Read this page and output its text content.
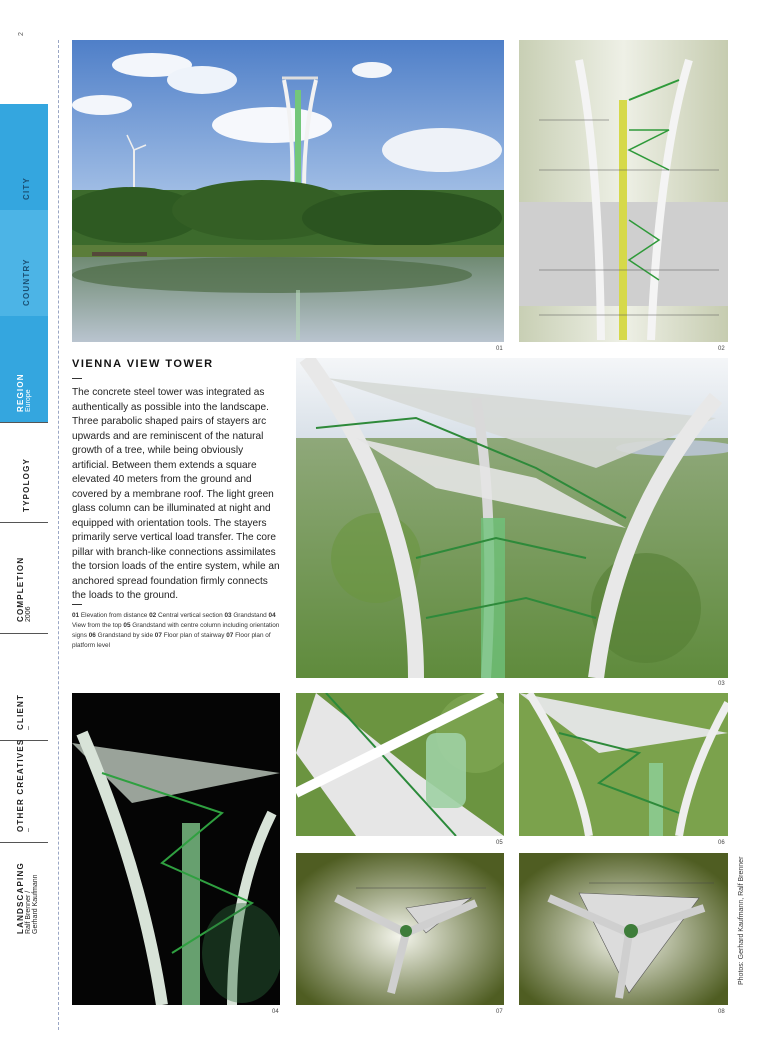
2
CITY
COUNTRY
REGION Europe
TYPOLOGY
COMPLETION 2006
CLIENT –
OTHER CREATIVES –
LANDSCAPING Ralf Brenner / Gerhard Kaufmann
01	02
VIENNA VIEW TOWER
The concrete steel tower was integrated as authentically as possible into the landscape. Three parabolic shaped pairs of stayers arc upwards and are reminiscent of the natural growth of a tree, while being obviously artificial. Between them extends a square elevated 40 meters from the ground and covered by a membrane roof. The light green glass column can be illuminated at night and equipped with orientation tools. The stayers primarily serve vertical load transfer. The core pillar with branch-like connections assimilates the torsion loads of the entire system, while an anchored spread foundation firmly connects the loads to the ground.
01 Elevation from distance 02 Central vertical section 03 Grandstand 04 View from the top 05 Grandstand with centre column including orientation signs 06 Grandstand by side 07 Floor plan of stairway 07 Floor plan of platform level
03
04
05	06
07	08
Photos: Gerhard Kaufmann, Ralf Brenner
